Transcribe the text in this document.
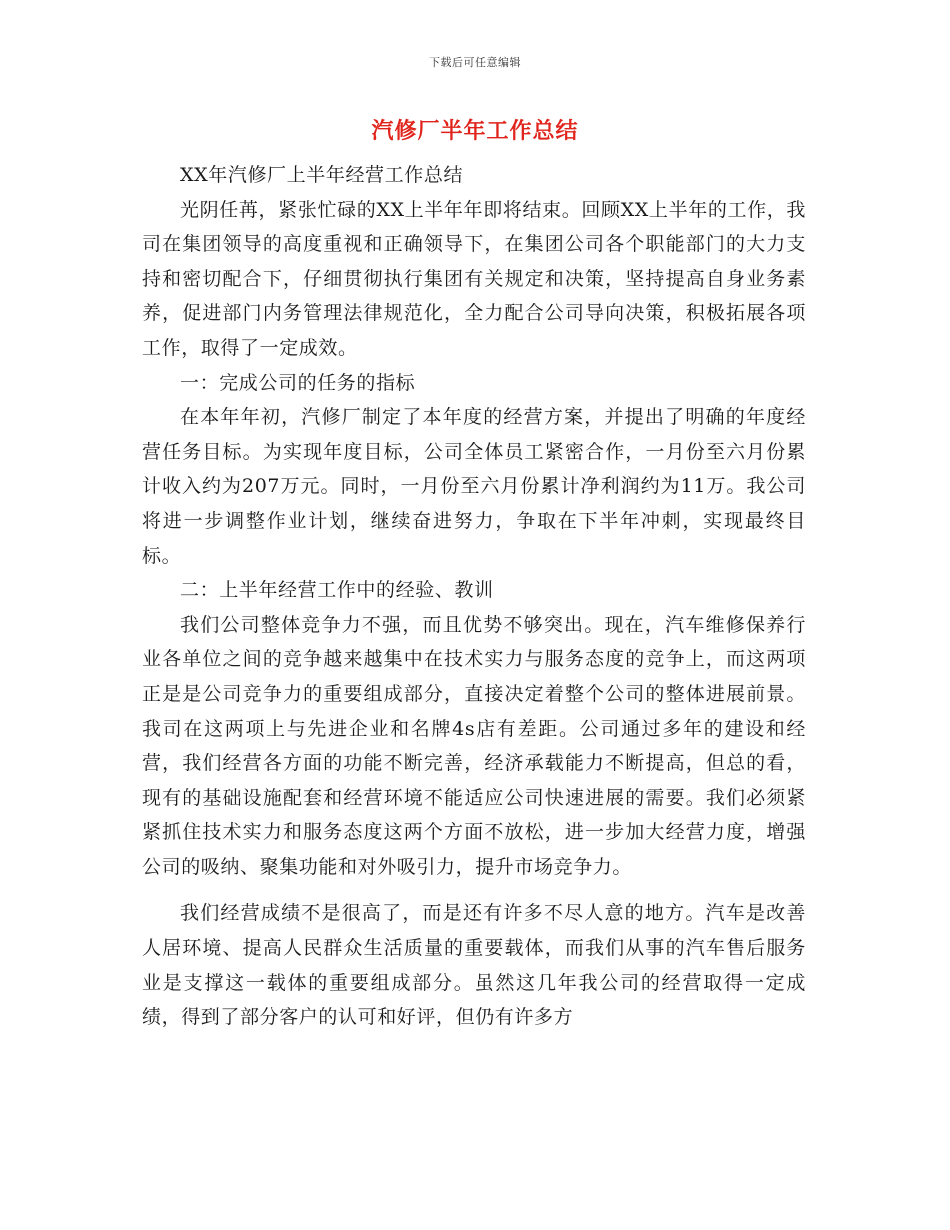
下载后可任意编辑
汽修厂半年工作总结

XX年汽修厂上半年经营工作总结

光阴任苒，紧张忙碌的XX上半年年即将结束。回顾XX上半年的工作，我司在集团领导的高度重视和正确领导下，在集团公司各个职能部门的大力支持和密切配合下，仔细贯彻执行集团有关规定和决策，坚持提高自身业务素养，促进部门内务管理法律规范化，全力配合公司导向决策，积极拓展各项工作，取得了一定成效。

一：完成公司的任务的指标

在本年年初，汽修厂制定了本年度的经营方案，并提出了明确的年度经营任务目标。为实现年度目标，公司全体员工紧密合作，一月份至六月份累计收入约为207万元。同时，一月份至六月份累计净利润约为11万。我公司将进一步调整作业计划，继续奋进努力，争取在下半年冲刺，实现最终目标。

二：上半年经营工作中的经验、教训

我们公司整体竞争力不强，而且优势不够突出。现在，汽车维修保养行业各单位之间的竞争越来越集中在技术实力与服务态度的竞争上，而这两项正是是公司竞争力的重要组成部分，直接决定着整个公司的整体进展前景。我司在这两项上与先进企业和名牌4s店有差距。公司通过多年的建设和经营，我们经营各方面的功能不断完善，经济承载能力不断提高，但总的看，现有的基础设施配套和经营环境不能适应公司快速进展的需要。我们必须紧紧抓住技术实力和服务态度这两个方面不放松，进一步加大经营力度，增强公司的吸纳、聚集功能和对外吸引力，提升市场竞争力。

我们经营成绩不是很高了，而是还有许多不尽人意的地方。汽车是改善人居环境、提高人民群众生活质量的重要载体，而我们从事的汽车售后服务业是支撑这一载体的重要组成部分。虽然这几年我公司的经营取得一定成绩，得到了部分客户的认可和好评，但仍有许多方
